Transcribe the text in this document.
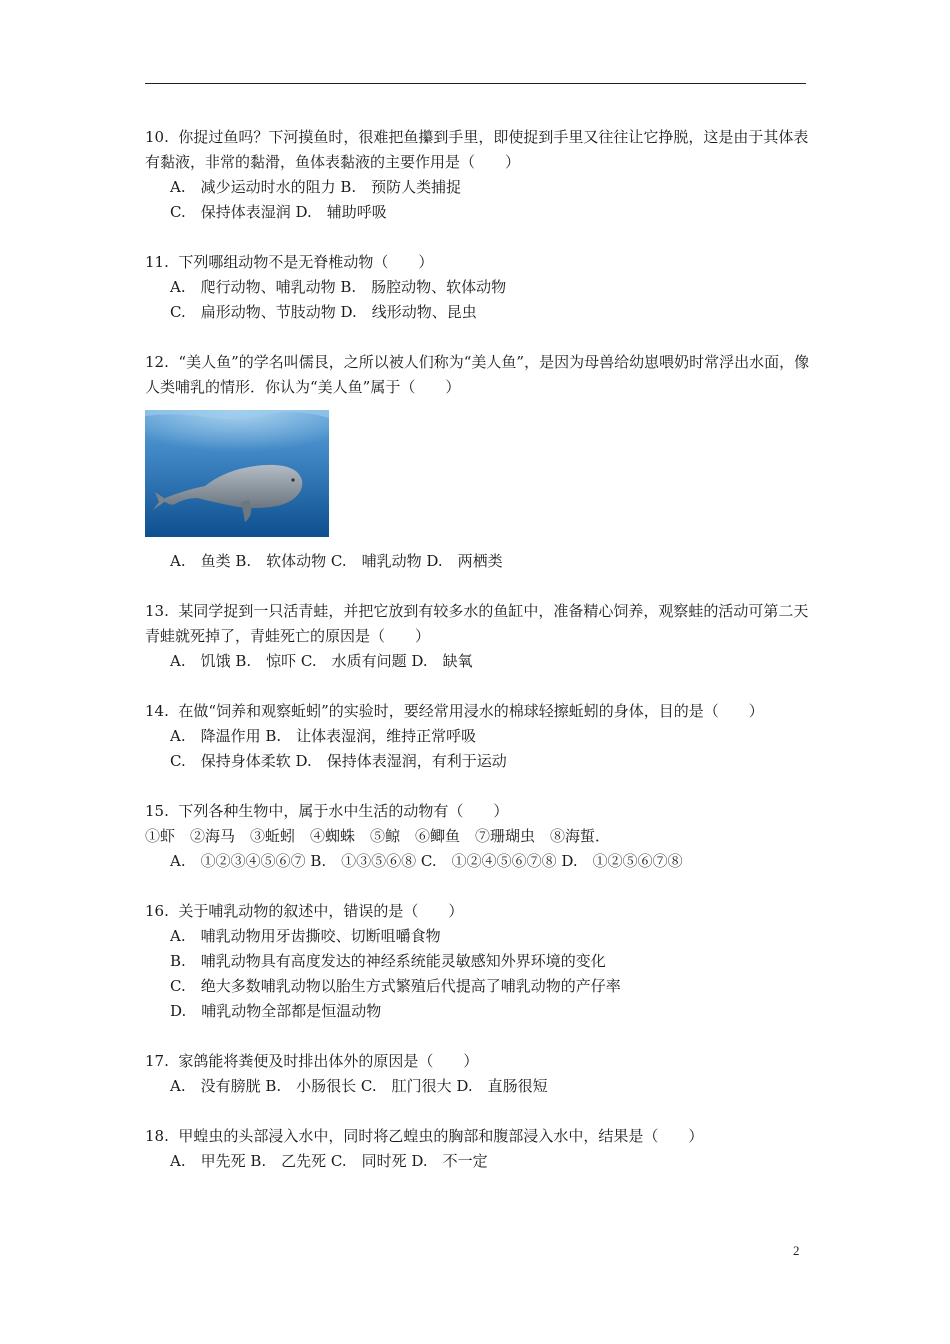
10. 你捉过鱼吗？下河摸鱼时，很难把鱼攥到手里，即使捉到手里又往往让它挣脱，这是由于其体表有黏液，非常的黏滑，鱼体表黏液的主要作用是（　　）
A.　减少运动时水的阻力 B.　预防人类捕捉
C.　保持体表湿润 D.　辅助呼吸
11. 下列哪组动物不是无脊椎动物（　　）
A.　爬行动物、哺乳动物 B.　肠腔动物、软体动物
C.　扁形动物、节肢动物 D.　线形动物、昆虫
12. “美人鱼”的学名叫儒艮，之所以被人们称为“美人鱼”，是因为母兽给幼崽喂奶时常浮出水面，像人类哺乳的情形．你认为“美人鱼”属于（　　）
A.　鱼类 B.　软体动物 C.　哺乳动物 D.　两栖类
13. 某同学捉到一只活青蛙，并把它放到有较多水的鱼缸中，准备精心饲养，观察蛙的活动可第二天青蛙就死掉了，青蛙死亡的原因是（　　）
A.　饥饿 B.　惊吓 C.　水质有问题 D.　缺氧
14. 在做“饲养和观察蚯蚓”的实验时，要经常用浸水的棉球轻擦蚯蚓的身体，目的是（　　）
A.　降温作用 B.　让体表湿润，维持正常呼吸
C.　保持身体柔软 D.　保持体表湿润，有利于运动
15. 下列各种生物中，属于水中生活的动物有（　　）
①虾　②海马　③蚯蚓　④蜘蛛　⑤鲸　⑥鲫鱼　⑦珊瑚虫　⑧海蜇．
A.　①②③④⑤⑥⑦ B.　①③⑤⑥⑧ C.　①②④⑤⑥⑦⑧ D.　①②⑤⑥⑦⑧
16. 关于哺乳动物的叙述中，错误的是（　　）
A.　哺乳动物用牙齿撕咬、切断咀嚼食物
B.　哺乳动物具有高度发达的神经系统能灵敏感知外界环境的变化
C.　绝大多数哺乳动物以胎生方式繁殖后代提高了哺乳动物的产仔率
D.　哺乳动物全部都是恒温动物
17. 家鸽能将粪便及时排出体外的原因是（　　）
A.　没有膀胱 B.　小肠很长 C.　肛门很大 D.　直肠很短
18. 甲蝗虫的头部浸入水中，同时将乙蝗虫的胸部和腹部浸入水中，结果是（　　）
A.　甲先死 B.　乙先死 C.　同时死 D.　不一定
2
